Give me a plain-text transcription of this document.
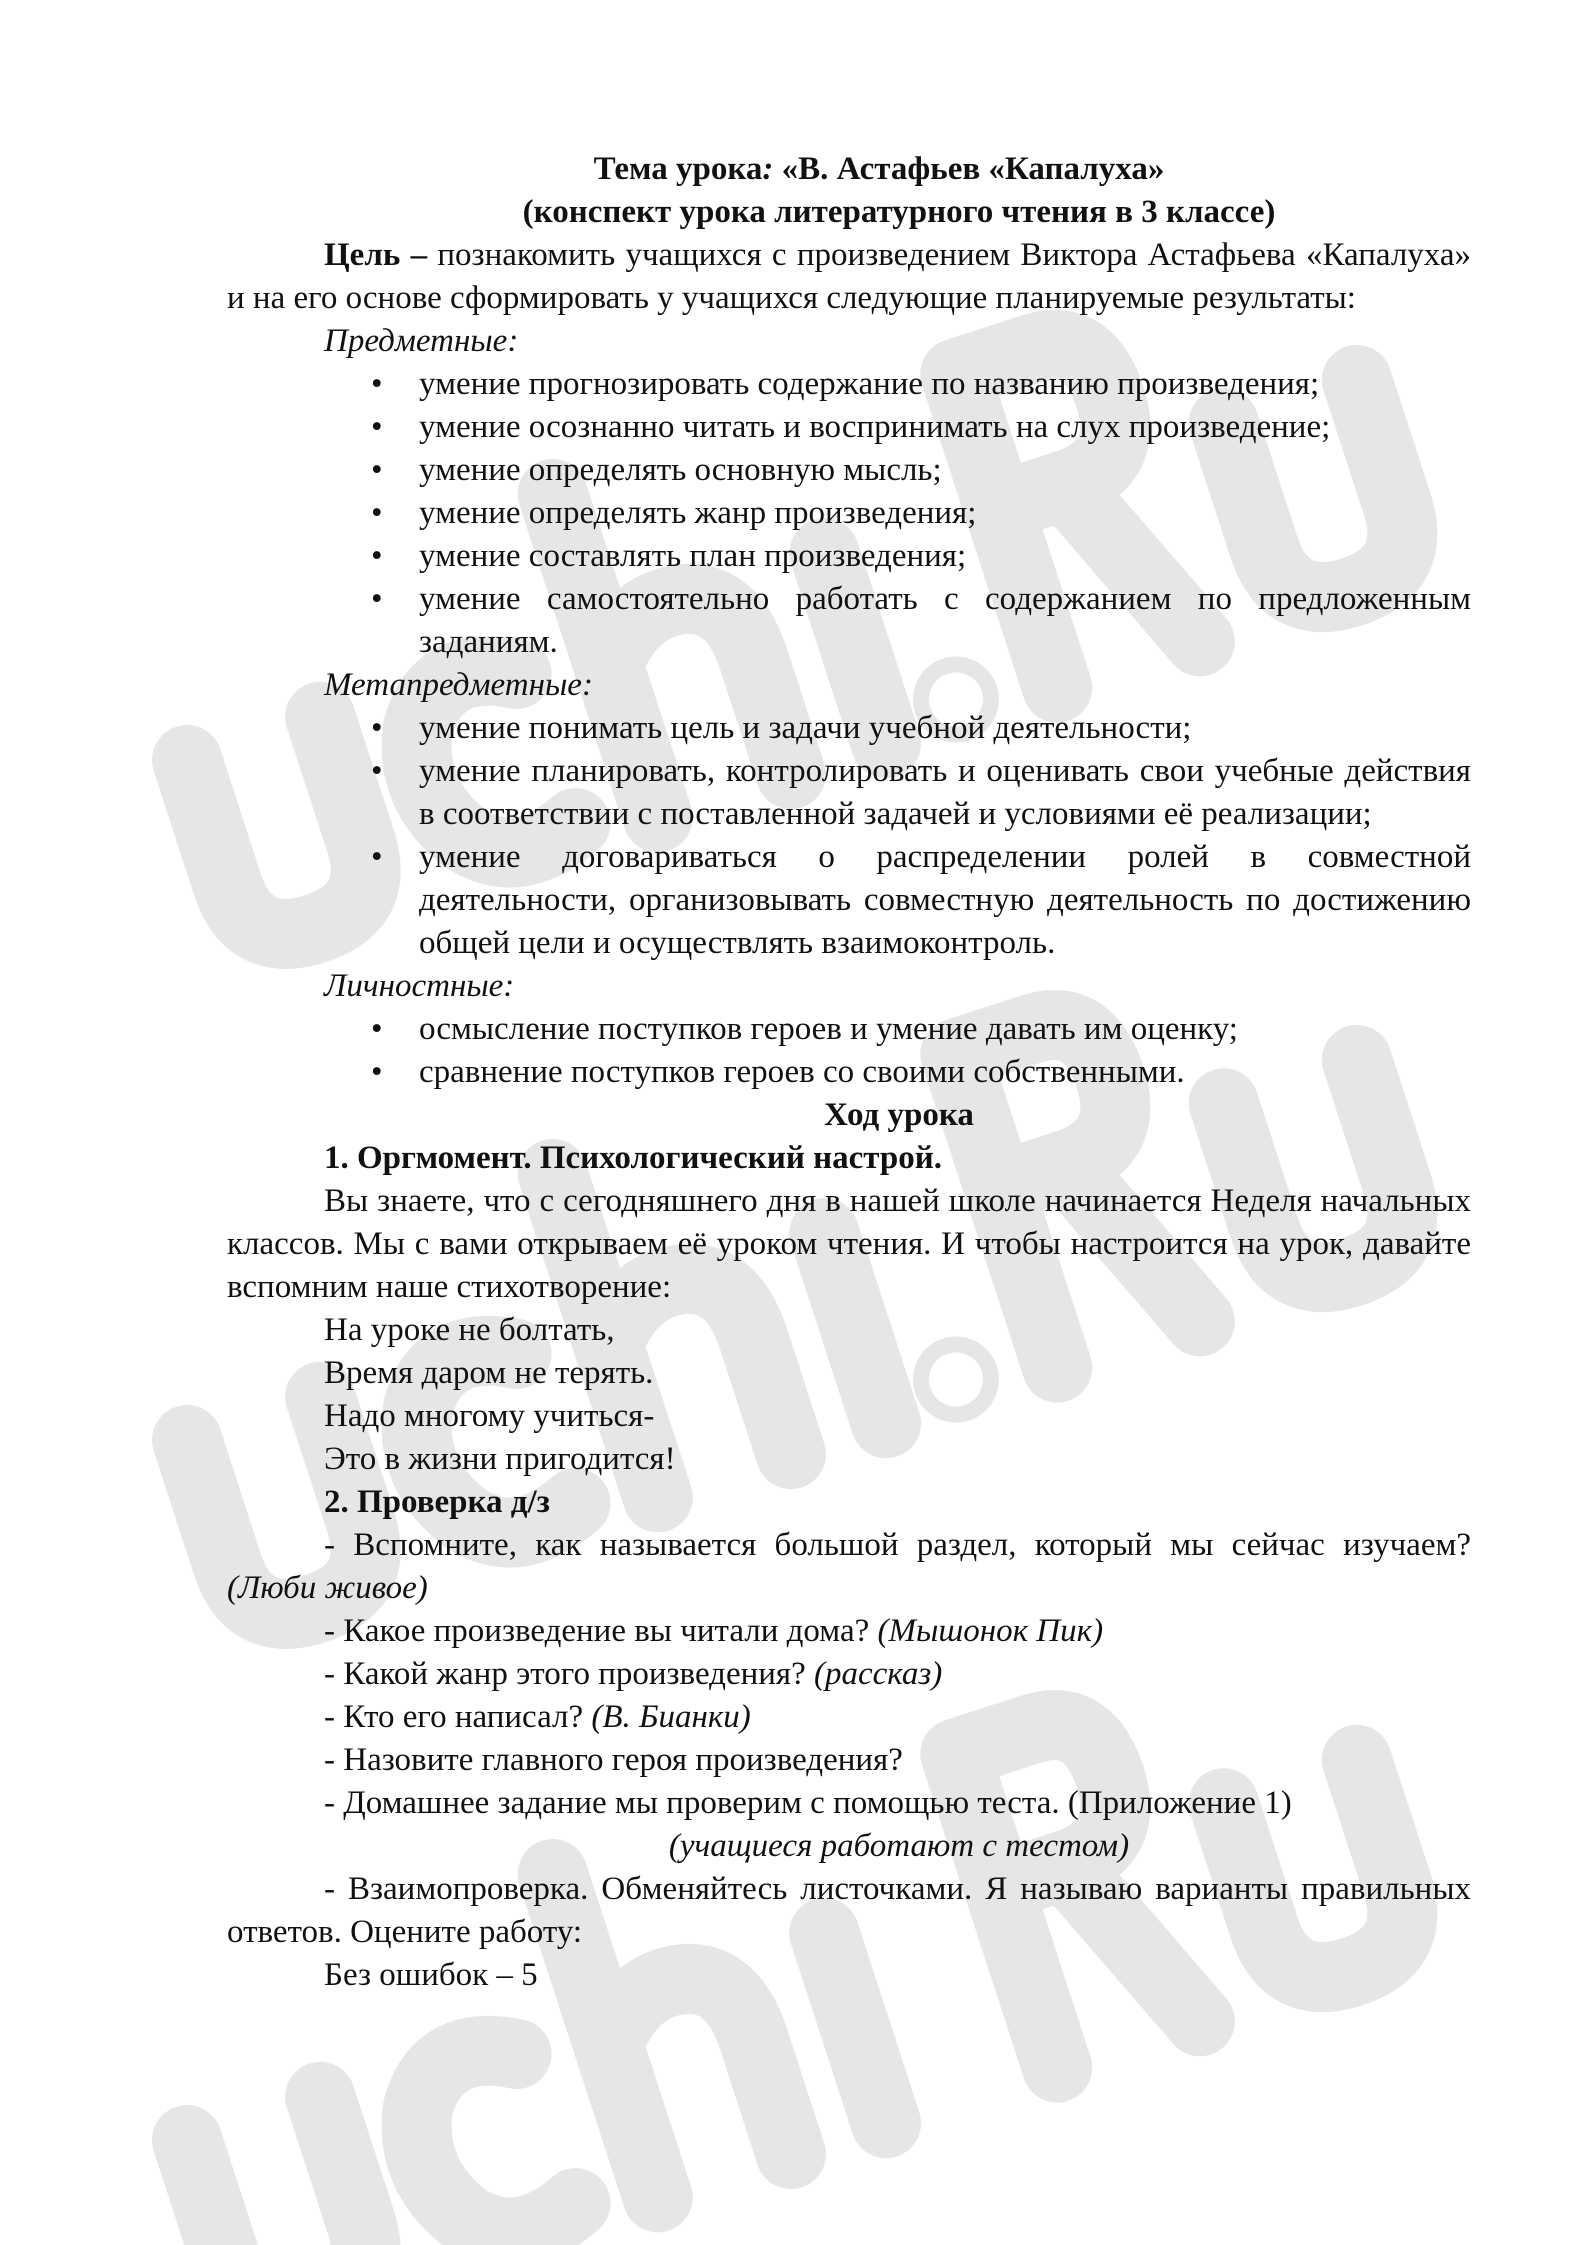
Тема урока: «В. Астафьев «Капалуха»

(конспект урока литературного чтения в 3 классе)

Цель – познакомить учащихся с произведением Виктора Астафьева «Капалуха» и на его основе сформировать у учащихся следующие планируемые результаты:

Предметные:

• умение прогнозировать содержание по названию произведения;
• умение осознанно читать и воспринимать на слух произведение;
• умение определять основную мысль;
• умение определять жанр произведения;
• умение составлять план произведения;
• умение самостоятельно работать с содержанием по предложенным заданиям.

Метапредметные:

• умение понимать цель и задачи учебной деятельности;
• умение планировать, контролировать и оценивать свои учебные действия в соответствии с поставленной задачей и условиями её реализации;
• умение договариваться о распределении ролей в совместной деятельности, организовывать совместную деятельность по достижению общей цели и осуществлять взаимоконтроль.

Личностные:

• осмысление поступков героев и умение давать им оценку;
• сравнение поступков героев со своими собственными.

Ход урока

1. Оргмомент. Психологический настрой.

Вы знаете, что с сегодняшнего дня в нашей школе начинается Неделя начальных классов. Мы с вами открываем её уроком чтения. И чтобы настроится на урок, давайте вспомним наше стихотворение:

На уроке не болтать,

Время даром не терять.

Надо многому учиться-

Это в жизни пригодится!

2. Проверка д/з

- Вспомните, как называется большой раздел, который мы сейчас изучаем? (Люби живое)

- Какое произведение вы читали дома? (Мышонок Пик)

- Какой жанр этого произведения? (рассказ)

- Кто его написал? (В. Бианки)

- Назовите главного героя произведения?

- Домашнее задание мы проверим с помощью теста. (Приложение 1)

(учащиеся работают с тестом)

- Взаимопроверка. Обменяйтесь листочками. Я называю варианты правильных ответов. Оцените работу:

Без ошибок – 5
